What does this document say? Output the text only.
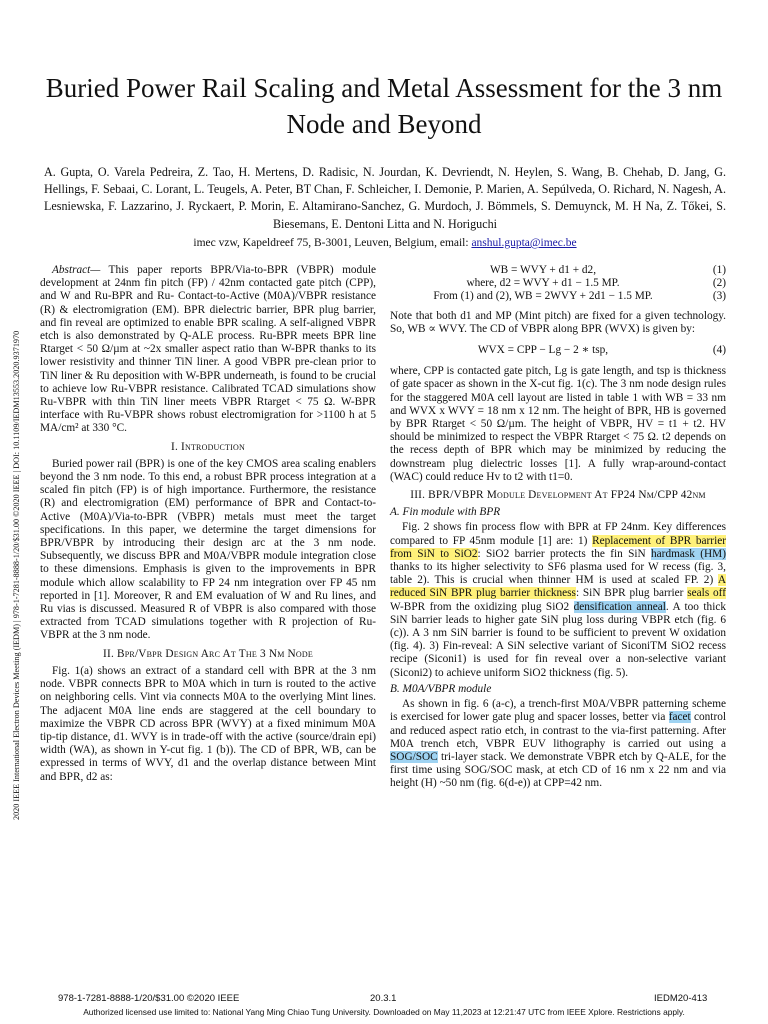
2020 IEEE International Electron Devices Meeting (IEDM) | 978-1-7281-8888-1/20/$31.00 ©2020 IEEE | DOI: 10.1109/IEDM13553.2020.9371970
Buried Power Rail Scaling and Metal Assessment for the 3 nm Node and Beyond
A. Gupta, O. Varela Pedreira, Z. Tao, H. Mertens, D. Radisic, N. Jourdan, K. Devriendt, N. Heylen, S. Wang, B. Chehab, D. Jang, G. Hellings, F. Sebaai, C. Lorant, L. Teugels, A. Peter, BT Chan, F. Schleicher, I. Demonie, P. Marien, A. Sepúlveda, O. Richard, N. Nagesh, A. Lesniewska, F. Lazzarino, J. Ryckaert, P. Morin, E. Altamirano-Sanchez, G. Murdoch, J. Bömmels, S. Demuynck, M. H Na, Z. Tőkei, S. Biesemans, E. Dentoni Litta and N. Horiguchi
imec vzw, Kapeldreef 75, B-3001, Leuven, Belgium, email: anshul.gupta@imec.be

Abstract— This paper reports BPR/Via-to-BPR (VBPR) module development at 24nm fin pitch (FP) / 42nm contacted gate pitch (CPP), and W and Ru-BPR and Ru- Contact-to-Active (M0A)/VBPR resistance (R) & electromigration (EM). BPR dielectric barrier, BPR plug barrier, and fin reveal are optimized to enable BPR scaling. A self-aligned VBPR etch is also demonstrated by Q-ALE process. Ru-BPR meets BPR line Rtarget < 50 Ω/µm at ~2x smaller aspect ratio than W-BPR thanks to its lower resistivity and thinner TiN liner. A good VBPR pre-clean prior to TiN liner & Ru deposition with W-BPR underneath, is found to be crucial to achieve low Ru-VBPR resistance. Calibrated TCAD simulations show Ru-VBPR with thin TiN liner meets VBPR Rtarget < 75 Ω. W-BPR interface with Ru-VBPR shows robust electromigration for >1100 h at 5 MA/cm² at 330 °C.

I. Introduction

Buried power rail (BPR) is one of the key CMOS area scaling enablers beyond the 3 nm node. To this end, a robust BPR process integration at a scaled fin pitch (FP) is of high importance. Furthermore, the resistance (R) and electromigration (EM) performance of BPR and Contact-to-Active (M0A)/Via-to-BPR (VBPR) metals must meet the target specifications. In this paper, we determine the target dimensions for BPR/VBPR by introducing their design arc at the 3 nm node. Subsequently, we discuss BPR and M0A/VBPR module integration close to these dimensions. Emphasis is given to the improvements in BPR module which allow scalability to FP 24 nm integration over FP 45 nm reported in [1]. Moreover, R and EM evaluation of W and Ru lines, and Ru vias is discussed. Measured R of VBPR is also compared with those extracted from TCAD simulations together with R projection of Ru-VBPR at the 3 nm node.

II. Bpr/Vbpr Design Arc At The 3 Nm Node

Fig. 1(a) shows an extract of a standard cell with BPR at the 3 nm node. VBPR connects BPR to M0A which in turn is routed to the active on neighboring cells. Vint via connects M0A to the overlying Mint lines. The adjacent M0A line ends are staggered at the cell boundary to maximize the VBPR CD across BPR (WVY) at a fixed minimum M0A tip-tip distance, d1. WVY is in trade-off with the active (source/drain epi) width (WA), as shown in Y-cut fig. 1 (b)). The CD of BPR, WB, can be expressed in terms of WVY, d1 and the overlap distance between Mint and BPR, d2 as:

WB = WVY + d1 + d2,	(1)
where, d2 = WVY + d1 − 1.5 MP.	(2)
From (1) and (2), WB = 2WVY + 2d1 − 1.5 MP.	(3)

Note that both d1 and MP (Mint pitch) are fixed for a given technology. So, WB ∝ WVY. The CD of VBPR along BPR (WVX) is given by:

WVX = CPP − Lg − 2 ∗ tsp,	(4)

where, CPP is contacted gate pitch, Lg is gate length, and tsp is thickness of gate spacer as shown in the X-cut fig. 1(c). The 3 nm node design rules for the staggered M0A cell layout are listed in table 1 with WB = 33 nm and WVX x WVY = 18 nm x 12 nm. The height of BPR, HB is governed by BPR Rtarget < 50 Ω/µm. The height of VBPR, HV = t1 + t2. HV should be minimized to respect the VBPR Rtarget < 75 Ω. t2 depends on the recess depth of BPR which may be minimized by reducing the downstream plug dielectric losses [1]. A fully wrap-around-contact (WAC) could reduce Hv to t2 with t1=0.

III. BPR/VBPR Module Development At FP24 Nm/CPP 42nm
A. Fin module with BPR

Fig. 2 shows fin process flow with BPR at FP 24nm. Key differences compared to FP 45nm module [1] are: 1) Replacement of BPR barrier from SiN to SiO2: SiO2 barrier protects the fin SiN hardmask (HM) thanks to its higher selectivity to SF6 plasma used for W recess (fig. 3, table 2). This is crucial when thinner HM is used at scaled FP. 2) A reduced SiN BPR plug barrier thickness: SiN BPR plug barrier seals off W-BPR from the oxidizing plug SiO2 densification anneal. A too thick SiN barrier leads to higher gate SiN plug loss during VBPR etch (fig. 6 (c)). A 3 nm SiN barrier is found to be sufficient to prevent W oxidation (fig. 4). 3) Fin-reveal: A SiN selective variant of SiconiTM SiO2 recess recipe (Siconi1) is used for fin reveal over a non-selective variant (Siconi2) to achieve uniform SiO2 thickness (fig. 5).

B. M0A/VBPR module

As shown in fig. 6 (a-c), a trench-first M0A/VBPR patterning scheme is exercised for lower gate plug and spacer losses, better via facet control and reduced aspect ratio etch, in contrast to the via-first patterning. After M0A trench etch, VBPR EUV lithography is carried out using a SOG/SOC tri-layer stack. We demonstrate VBPR etch by Q-ALE, for the first time using SOG/SOC mask, at etch CD of 16 nm x 22 nm and via height (H) ~50 nm (fig. 6(d-e)) at CPP=42 nm.

978-1-7281-8888-1/20/$31.00 ©2020 IEEE	20.3.1	IEDM20-413
Authorized licensed use limited to: National Yang Ming Chiao Tung University. Downloaded on May 11,2023 at 12:21:47 UTC from IEEE Xplore. Restrictions apply.
